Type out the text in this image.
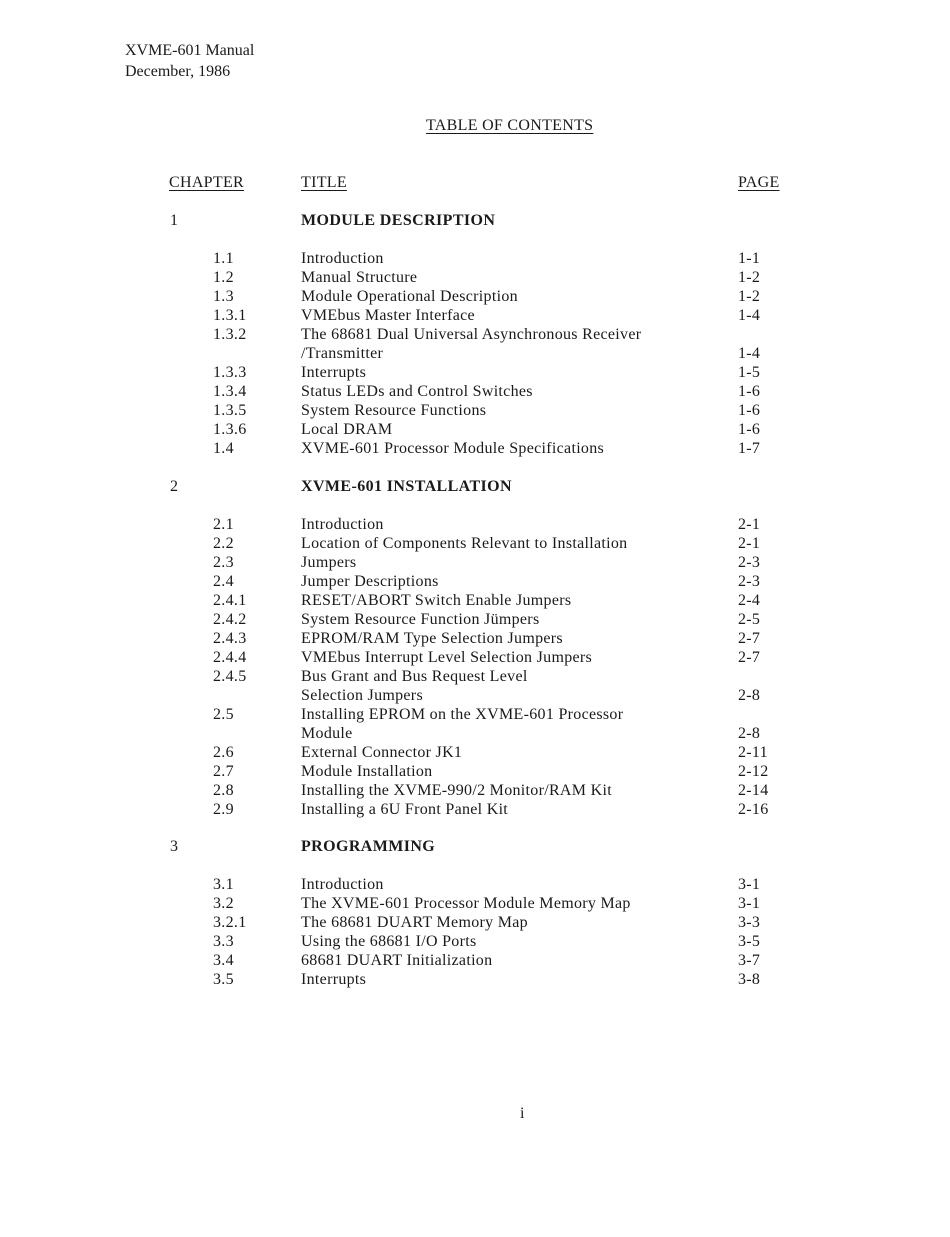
XVME-601 Manual
December, 1986
TABLE OF CONTENTS
CHAPTER	TITLE	PAGE
1	MODULE DESCRIPTION
1.1	Introduction	1-1
1.2	Manual Structure	1-2
1.3	Module Operational Description	1-2
1.3.1	VMEbus Master Interface	1-4
1.3.2	The 68681 Dual Universal Asynchronous Receiver
/Transmitter	1-4
1.3.3	Interrupts	1-5
1.3.4	Status LEDs and Control Switches	1-6
1.3.5	System Resource Functions	1-6
1.3.6	Local DRAM	1-6
1.4	XVME-601 Processor Module Specifications	1-7
2	XVME-601 INSTALLATION
2.1	Introduction	2-1
2.2	Location of Components Relevant to Installation	2-1
2.3	Jumpers	2-3
2.4	Jumper Descriptions	2-3
2.4.1	RESET/ABORT Switch Enable Jumpers	2-4
2.4.2	System Resource Function Jümpers	2-5
2.4.3	EPROM/RAM Type Selection Jumpers	2-7
2.4.4	VMEbus Interrupt Level Selection Jumpers	2-7
2.4.5	Bus Grant and Bus Request Level
Selection Jumpers	2-8
2.5	Installing EPROM on the XVME-601 Processor
Module	2-8
2.6	External Connector JK1	2-11
2.7	Module Installation	2-12
2.8	Installing the XVME-990/2 Monitor/RAM Kit	2-14
2.9	Installing a 6U Front Panel Kit	2-16
3	PROGRAMMING
3.1	Introduction	3-1
3.2	The XVME-601 Processor Module Memory Map	3-1
3.2.1	The 68681 DUART Memory Map	3-3
3.3	Using the 68681 I/O Ports	3-5
3.4	68681 DUART Initialization	3-7
3.5	Interrupts	3-8
i
